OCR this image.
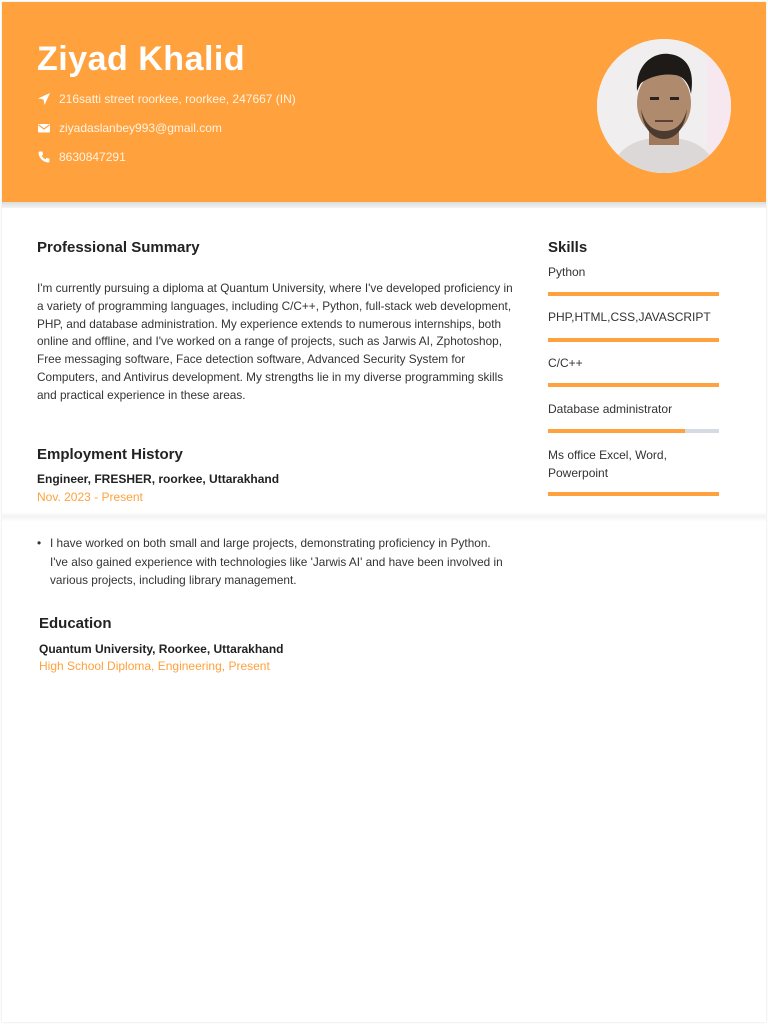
Ziyad Khalid
216satti street roorkee, roorkee, 247667 (IN)
ziyadaslanbey993@gmail.com
8630847291
Professional Summary
I'm currently pursuing a diploma at Quantum University, where I've developed proficiency in a variety of programming languages, including C/C++, Python, full-stack web development, PHP, and database administration. My experience extends to numerous internships, both online and offline, and I've worked on a range of projects, such as Jarwis AI, Zphotoshop, Free messaging software, Face detection software, Advanced Security System for Computers, and Antivirus development. My strengths lie in my diverse programming skills and practical experience in these areas.
Employment History
Engineer, FRESHER, roorkee, Uttarakhand
Nov. 2023 - Present
• I have worked on both small and large projects, demonstrating proficiency in Python. I've also gained experience with technologies like 'Jarwis AI' and have been involved in various projects, including library management.
Education
Quantum University, Roorkee, Uttarakhand
High School Diploma, Engineering, Present
Skills
Python
PHP,HTML,CSS,JAVASCRIPT
C/C++
Database administrator
Ms office Excel, Word, Powerpoint
